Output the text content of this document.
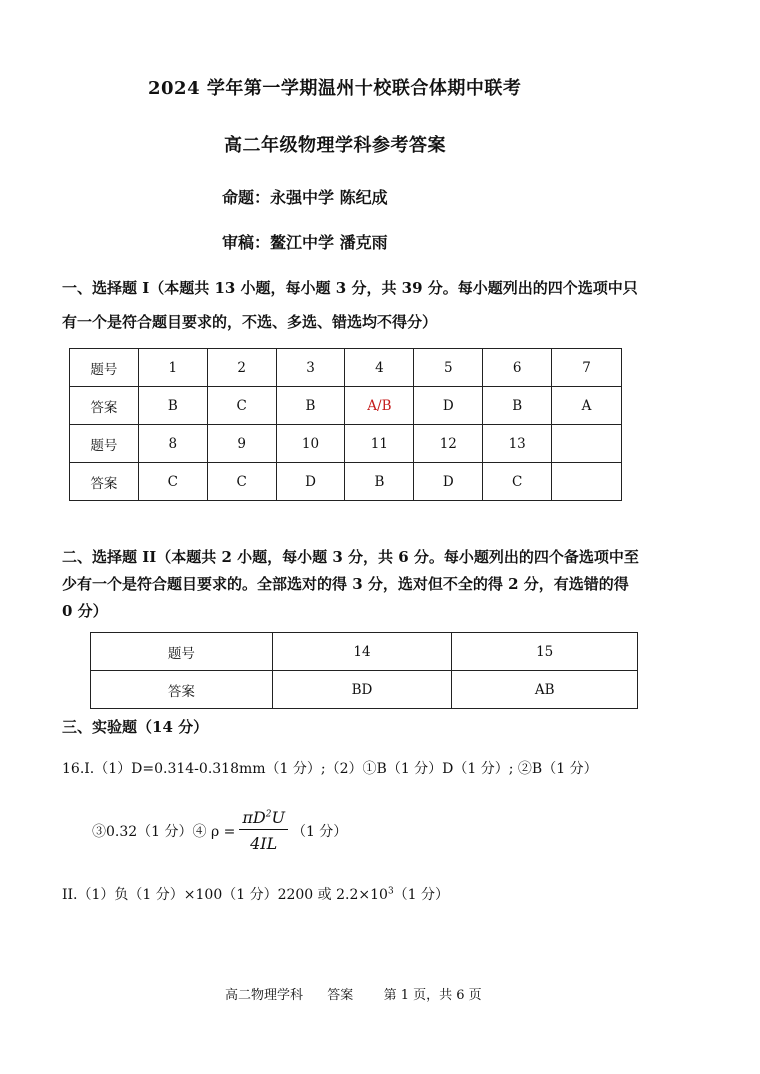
2024 学年第一学期温州十校联合体期中联考
高二年级物理学科参考答案
命题：永强中学 陈纪成
审稿：鳌江中学 潘克雨
一、选择题 I（本题共 13 小题，每小题 3 分，共 39 分。每小题列出的四个选项中只
有一个是符合题目要求的，不选、多选、错选均不得分）
题号	1	2	3	4	5	6	7
答案	B	C	B	A/B	D	B	A
题号	8	9	10	11	12	13	
答案	C	C	D	B	D	C	
二、选择题 II（本题共 2 小题，每小题 3 分，共 6 分。每小题列出的四个备选项中至
少有一个是符合题目要求的。全部选对的得 3 分，选对但不全的得 2 分，有选错的得
0 分）
题号	14	15
答案	BD	AB
三、实验题（14 分）
16.I.（1）D=0.314-0.318mm（1 分）;（2）①B（1 分）D（1 分）; ②B（1 分）
③0.32（1 分）④ $\rho = \frac{\pi D^2U}{4IL} (1$ 分）
II.（1）负（1 分）×100（1 分）2200 或 $2.2\times 10^3(1$ 分）
高二物理学科 答案 第 1 页，共 6 页
